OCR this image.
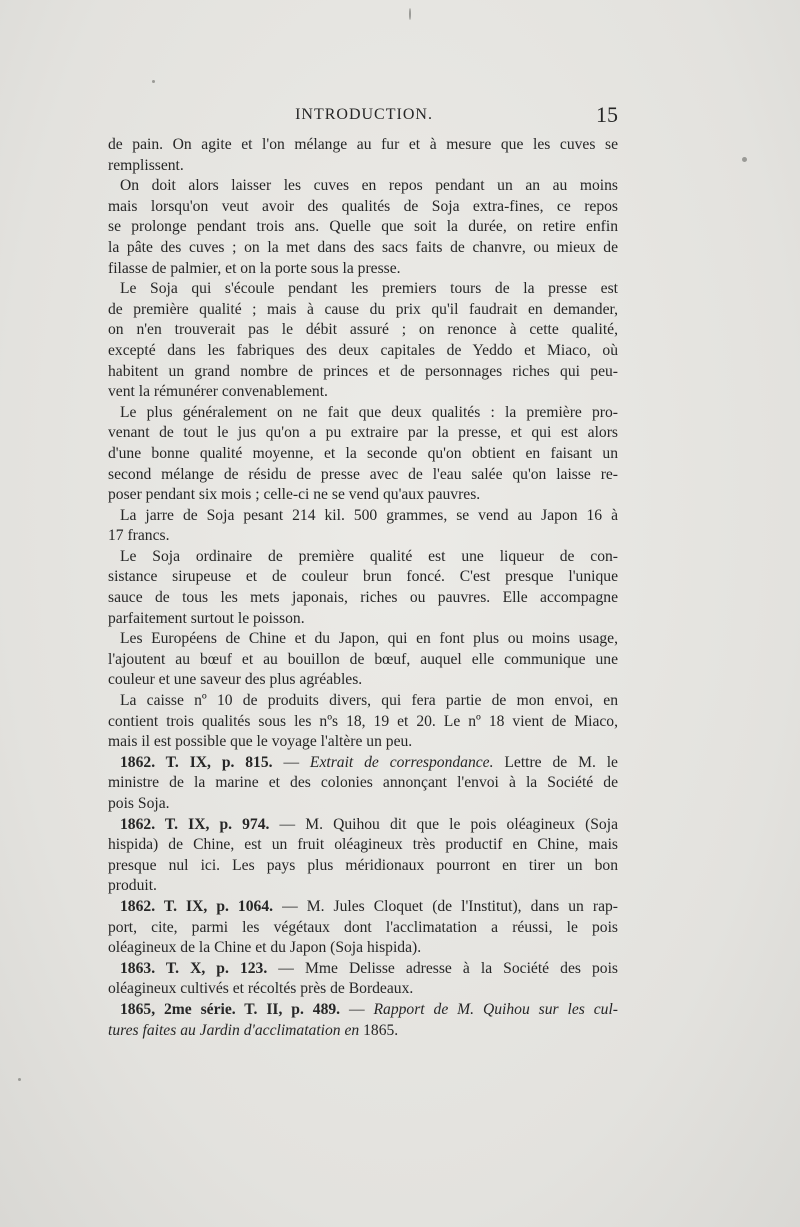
INTRODUCTION.	15
de pain. On agite et l'on mélange au fur et à mesure que les cuves se
remplissent.
On doit alors laisser les cuves en repos pendant un an au moins
mais lorsqu'on veut avoir des qualités de Soja extra-fines, ce repos
se prolonge pendant trois ans. Quelle que soit la durée, on retire enfin
la pâte des cuves ; on la met dans des sacs faits de chanvre, ou mieux de
filasse de palmier, et on la porte sous la presse.
Le Soja qui s'écoule pendant les premiers tours de la presse est
de première qualité ; mais à cause du prix qu'il faudrait en demander,
on n'en trouverait pas le débit assuré ; on renonce à cette qualité,
excepté dans les fabriques des deux capitales de Yeddo et Miaco, où
habitent un grand nombre de princes et de personnages riches qui peu-
vent la rémunérer convenablement.
Le plus généralement on ne fait que deux qualités : la première pro-
venant de tout le jus qu'on a pu extraire par la presse, et qui est alors
d'une bonne qualité moyenne, et la seconde qu'on obtient en faisant un
second mélange de résidu de presse avec de l'eau salée qu'on laisse re-
poser pendant six mois ; celle-ci ne se vend qu'aux pauvres.
La jarre de Soja pesant 214 kil. 500 grammes, se vend au Japon 16 à
17 francs.
Le Soja ordinaire de première qualité est une liqueur de con-
sistance sirupeuse et de couleur brun foncé. C'est presque l'unique
sauce de tous les mets japonais, riches ou pauvres. Elle accompagne
parfaitement surtout le poisson.
Les Européens de Chine et du Japon, qui en font plus ou moins usage,
l'ajoutent au bœuf et au bouillon de bœuf, auquel elle communique une
couleur et une saveur des plus agréables.
La caisse nº 10 de produits divers, qui fera partie de mon envoi, en
contient trois qualités sous les nºs 18, 19 et 20. Le nº 18 vient de Miaco,
mais il est possible que le voyage l'altère un peu.
1862. T. IX, p. 815. — Extrait de correspondance. Lettre de M. le
ministre de la marine et des colonies annonçant l'envoi à la Société de
pois Soja.
1862. T. IX, p. 974. — M. Quihou dit que le pois oléagineux (Soja
hispida) de Chine, est un fruit oléagineux très productif en Chine, mais
presque nul ici. Les pays plus méridionaux pourront en tirer un bon
produit.
1862. T. IX, p. 1064. — M. Jules Cloquet (de l'Institut), dans un rap-
port, cite, parmi les végétaux dont l'acclimatation a réussi, le pois
oléagineux de la Chine et du Japon (Soja hispida).
1863. T. X, p. 123. — Mme Delisse adresse à la Société des pois
oléagineux cultivés et récoltés près de Bordeaux.
1865, 2me série. T. II, p. 489. — Rapport de M. Quihou sur les cul-
tures faites au Jardin d'acclimatation en 1865.
